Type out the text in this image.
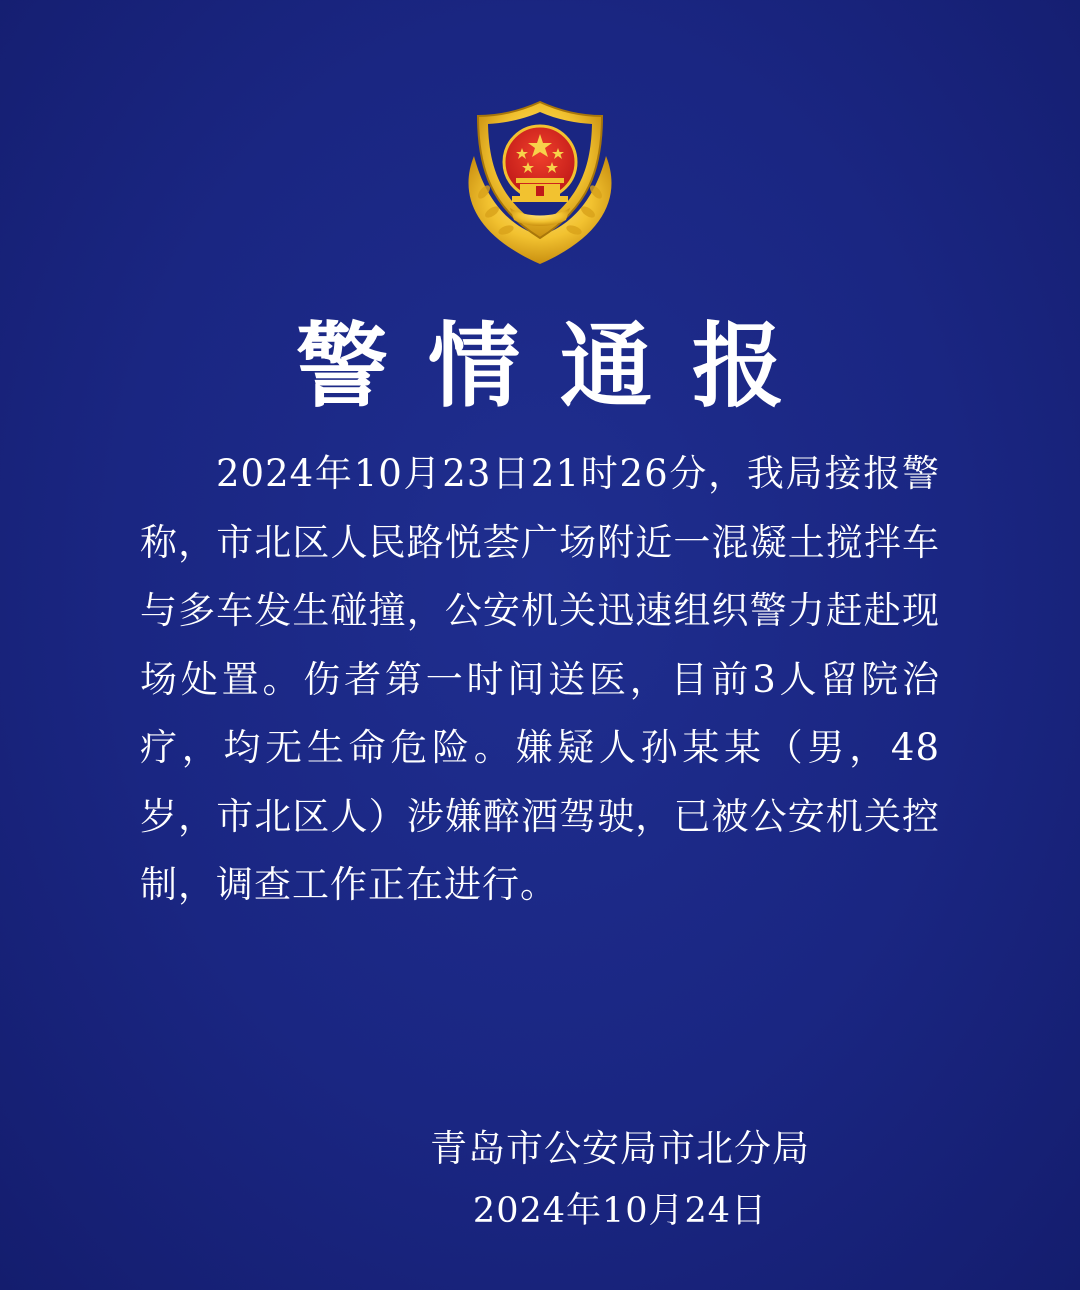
警情通报

2024年10月23日21时26分，我局接报警称，市北区人民路悦荟广场附近一混凝土搅拌车与多车发生碰撞，公安机关迅速组织警力赶赴现场处置。伤者第一时间送医，目前3人留院治疗，均无生命危险。嫌疑人孙某某（男，48岁，市北区人）涉嫌醉酒驾驶，已被公安机关控制，调查工作正在进行。

青岛市公安局市北分局
2024年10月24日
